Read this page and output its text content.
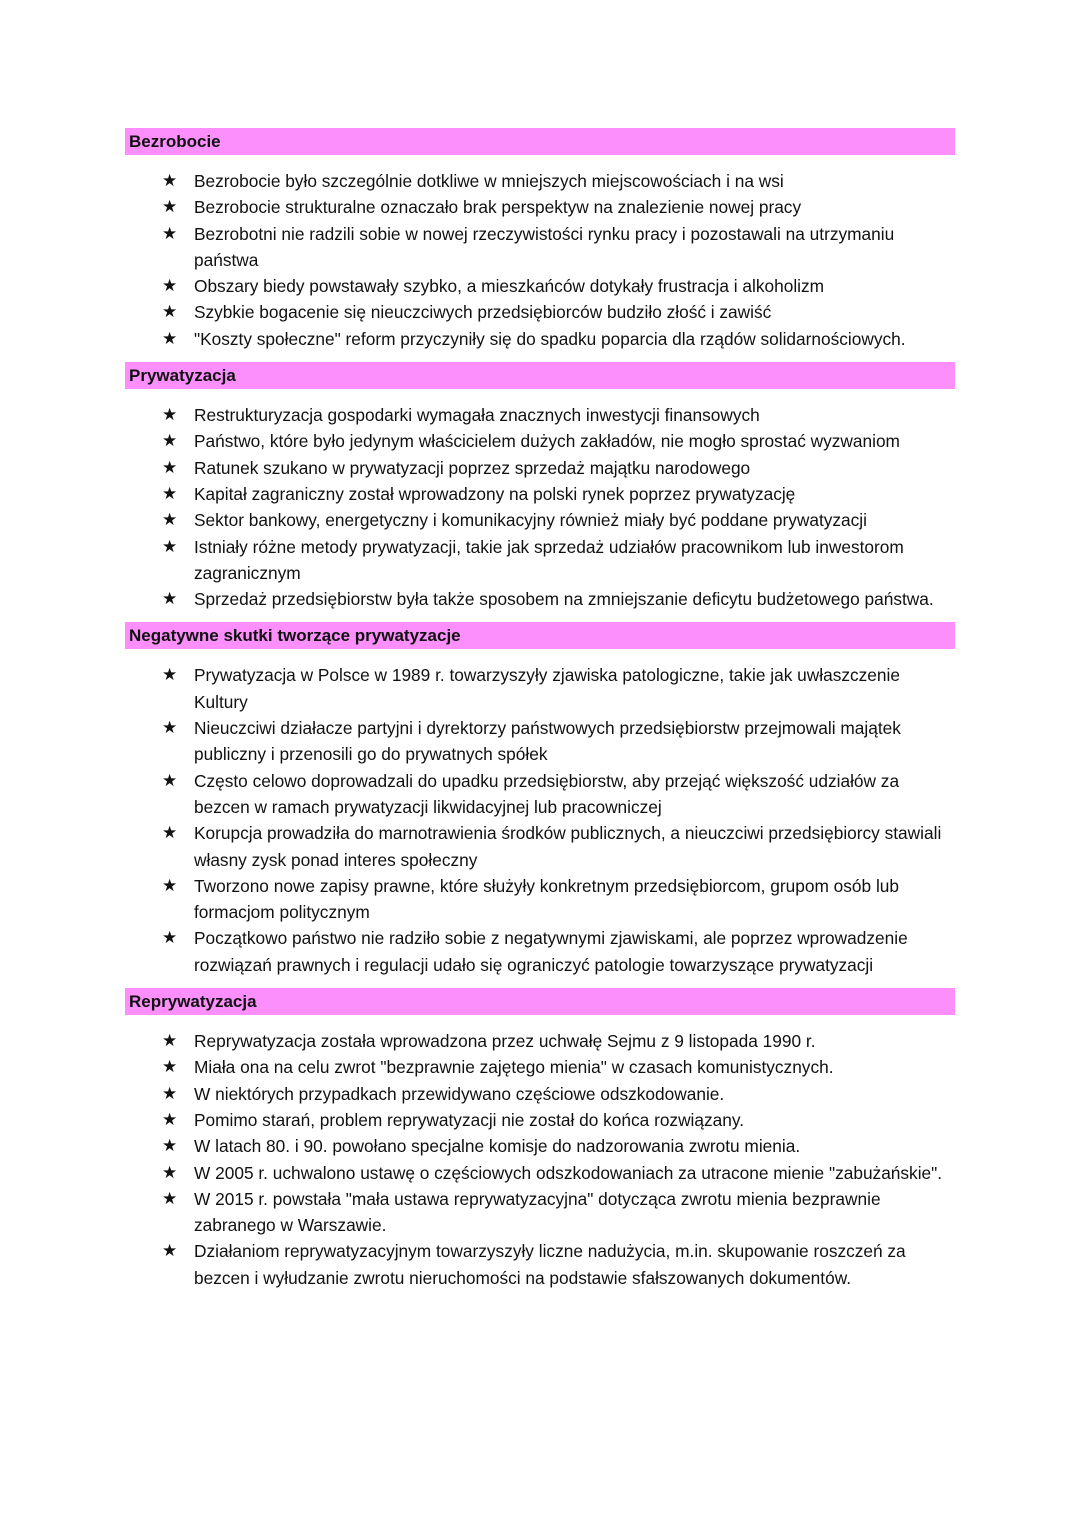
Bezrobocie
★ Bezrobocie było szczególnie dotkliwe w mniejszych miejscowościach i na wsi
★ Bezrobocie strukturalne oznaczało brak perspektyw na znalezienie nowej pracy
★ Bezrobotni nie radzili sobie w nowej rzeczywistości rynku pracy i pozostawali na utrzymaniu państwa
★ Obszary biedy powstawały szybko, a mieszkańców dotykały frustracja i alkoholizm
★ Szybkie bogacenie się nieuczciwych przedsiębiorców budziło złość i zawiść
★ "Koszty społeczne" reform przyczyniły się do spadku poparcia dla rządów solidarnościowych.
Prywatyzacja
★ Restrukturyzacja gospodarki wymagała znacznych inwestycji finansowych
★ Państwo, które było jedynym właścicielem dużych zakładów, nie mogło sprostać wyzwaniom
★ Ratunek szukano w prywatyzacji poprzez sprzedaż majątku narodowego
★ Kapitał zagraniczny został wprowadzony na polski rynek poprzez prywatyzację
★ Sektor bankowy, energetyczny i komunikacyjny również miały być poddane prywatyzacji
★ Istniały różne metody prywatyzacji, takie jak sprzedaż udziałów pracownikom lub inwestorom zagranicznym
★ Sprzedaż przedsiębiorstw była także sposobem na zmniejszanie deficytu budżetowego państwa.
Negatywne skutki tworzące prywatyzacje
★ Prywatyzacja w Polsce w 1989 r. towarzyszyły zjawiska patologiczne, takie jak uwłaszczenie Kultury
★ Nieuczciwi działacze partyjni i dyrektorzy państwowych przedsiębiorstw przejmowali majątek publiczny i przenosili go do prywatnych spółek
★ Często celowo doprowadzali do upadku przedsiębiorstw, aby przejąć większość udziałów za bezcen w ramach prywatyzacji likwidacyjnej lub pracowniczej
★ Korupcja prowadziła do marnotrawienia środków publicznych, a nieuczciwi przedsiębiorcy stawiali własny zysk ponad interes społeczny
★ Tworzono nowe zapisy prawne, które służyły konkretnym przedsiębiorcom, grupom osób lub formacjom politycznym
★ Początkowo państwo nie radziło sobie z negatywnymi zjawiskami, ale poprzez wprowadzenie rozwiązań prawnych i regulacji udało się ograniczyć patologie towarzyszące prywatyzacji
Reprywatyzacja
★ Reprywatyzacja została wprowadzona przez uchwałę Sejmu z 9 listopada 1990 r.
★ Miała ona na celu zwrot "bezprawnie zajętego mienia" w czasach komunistycznych.
★ W niektórych przypadkach przewidywano częściowe odszkodowanie.
★ Pomimo starań, problem reprywatyzacji nie został do końca rozwiązany.
★ W latach 80. i 90. powołano specjalne komisje do nadzorowania zwrotu mienia.
★ W 2005 r. uchwalono ustawę o częściowych odszkodowaniach za utracone mienie "zabużańskie".
★ W 2015 r. powstała "mała ustawa reprywatyzacyjna" dotycząca zwrotu mienia bezprawnie zabranego w Warszawie.
★ Działaniom reprywatyzacyjnym towarzyszyły liczne nadużycia, m.in. skupowanie roszczeń za bezcen i wyłudzanie zwrotu nieruchomości na podstawie sfałszowanych dokumentów.
